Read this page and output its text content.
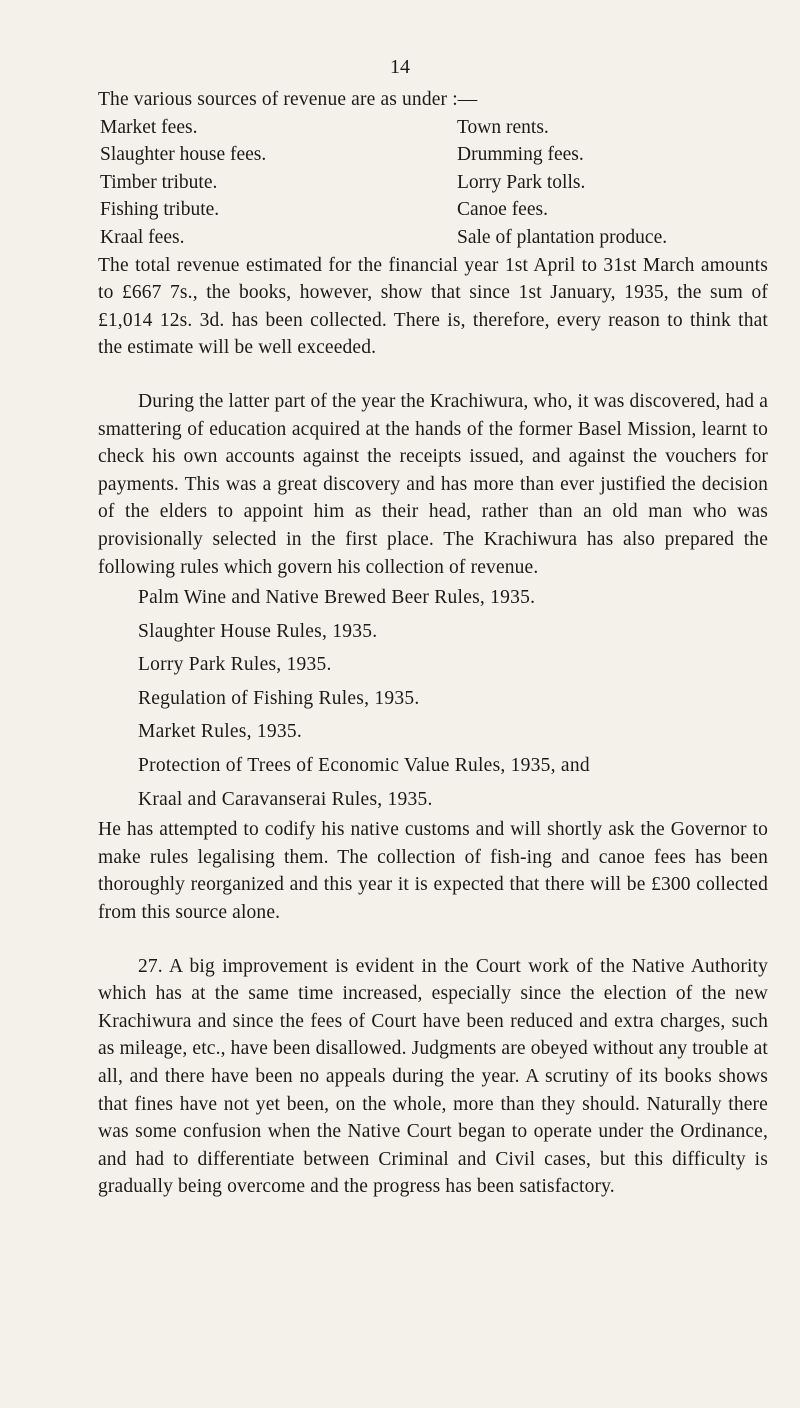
14

The various sources of revenue are as under :—

Market fees.	Town rents.
Slaughter house fees.	Drumming fees.
Timber tribute.	Lorry Park tolls.
Fishing tribute.	Canoe fees.
Kraal fees.	Sale of plantation produce.

The total revenue estimated for the financial year 1st April to 31st March amounts to £667 7s., the books, however, show that since 1st January, 1935, the sum of £1,014 12s. 3d. has been collected. There is, therefore, every reason to think that the estimate will be well exceeded.

During the latter part of the year the Krachiwura, who, it was discovered, had a smattering of education acquired at the hands of the former Basel Mission, learnt to check his own accounts against the receipts issued, and against the vouchers for payments. This was a great discovery and has more than ever justified the decision of the elders to appoint him as their head, rather than an old man who was provisionally selected in the first place. The Krachiwura has also prepared the following rules which govern his collection of revenue.

Palm Wine and Native Brewed Beer Rules, 1935.
Slaughter House Rules, 1935.
Lorry Park Rules, 1935.
Regulation of Fishing Rules, 1935.
Market Rules, 1935.
Protection of Trees of Economic Value Rules, 1935, and
Kraal and Caravanserai Rules, 1935.

He has attempted to codify his native customs and will shortly ask the Governor to make rules legalising them. The collection of fish-ing and canoe fees has been thoroughly reorganized and this year it is expected that there will be £300 collected from this source alone.

27. A big improvement is evident in the Court work of the Native Authority which has at the same time increased, especially since the election of the new Krachiwura and since the fees of Court have been reduced and extra charges, such as mileage, etc., have been disallowed. Judgments are obeyed without any trouble at all, and there have been no appeals during the year. A scrutiny of its books shows that fines have not yet been, on the whole, more than they should. Naturally there was some confusion when the Native Court began to operate under the Ordinance, and had to differentiate between Criminal and Civil cases, but this difficulty is gradually being overcome and the progress has been satisfactory.
